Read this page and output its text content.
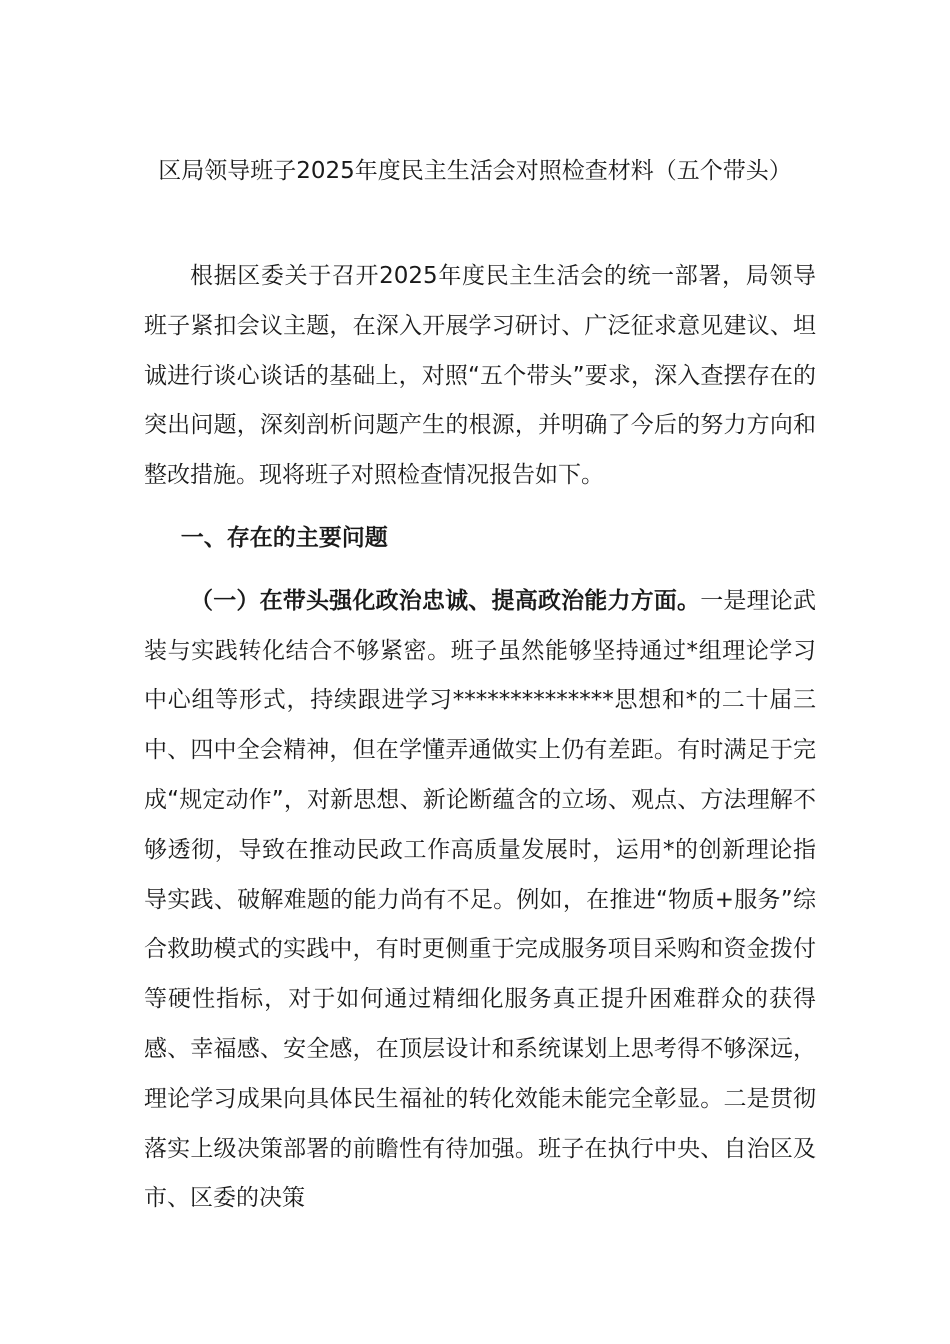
区局领导班子2025年度民主生活会对照检查材料（五个带头）

根据区委关于召开2025年度民主生活会的统一部署，局领导班子紧扣会议主题，在深入开展学习研讨、广泛征求意见建议、坦诚进行谈心谈话的基础上，对照“五个带头”要求，深入查摆存在的突出问题，深刻剖析问题产生的根源，并明确了今后的努力方向和整改措施。现将班子对照检查情况报告如下。

一、存在的主要问题

（一）在带头强化政治忠诚、提高政治能力方面。一是理论武装与实践转化结合不够紧密。班子虽然能够坚持通过*组理论学习中心组等形式，持续跟进学习**************思想和*的二十届三中、四中全会精神，但在学懂弄通做实上仍有差距。有时满足于完成“规定动作”，对新思想、新论断蕴含的立场、观点、方法理解不够透彻，导致在推动民政工作高质量发展时，运用*的创新理论指导实践、破解难题的能力尚有不足。例如，在推进“物质+服务”综合救助模式的实践中，有时更侧重于完成服务项目采购和资金拨付等硬性指标，对于如何通过精细化服务真正提升困难群众的获得感、幸福感、安全感，在顶层设计和系统谋划上思考得不够深远，理论学习成果向具体民生福祉的转化效能未能完全彰显。二是贯彻落实上级决策部署的前瞻性有待加强。班子在执行中央、自治区及市、区委的决策
